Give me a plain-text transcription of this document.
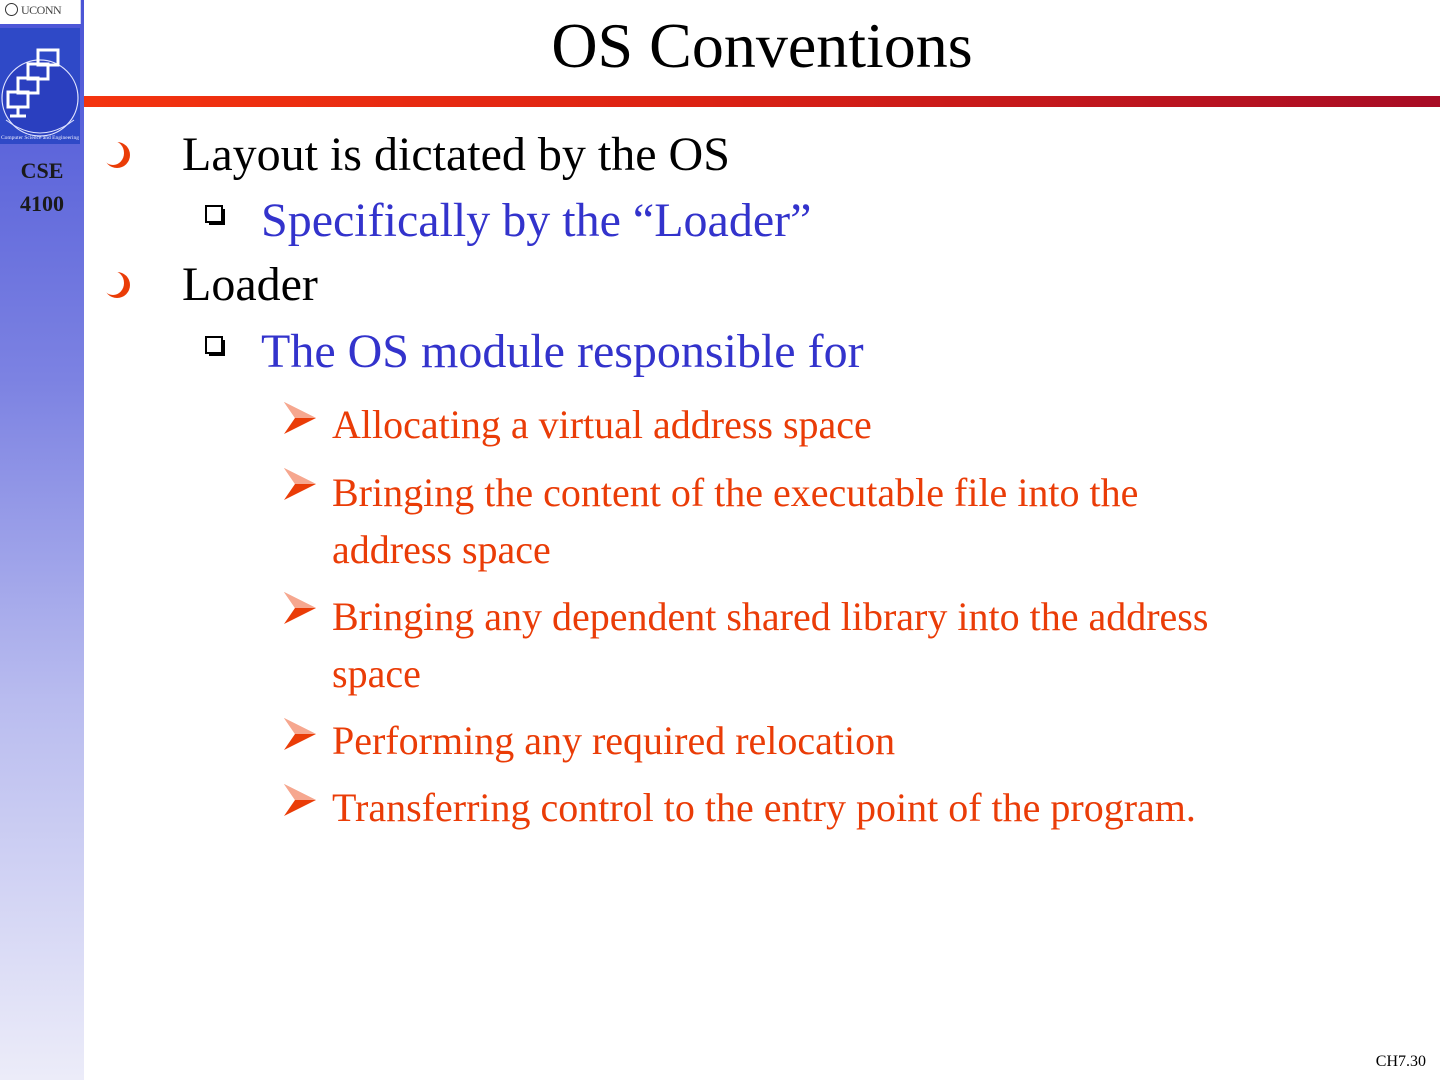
UCONN
Computer Science and Engineering
CSE
4100
OS Conventions
Layout is dictated by the OS
Specifically by the “Loader”
Loader
The OS module responsible for
Allocating a virtual address space
Bringing the content of the executable file into the
address space
Bringing any dependent shared library into the address
space
Performing any required relocation
Transferring control to the entry point of the program.
CH7.30
